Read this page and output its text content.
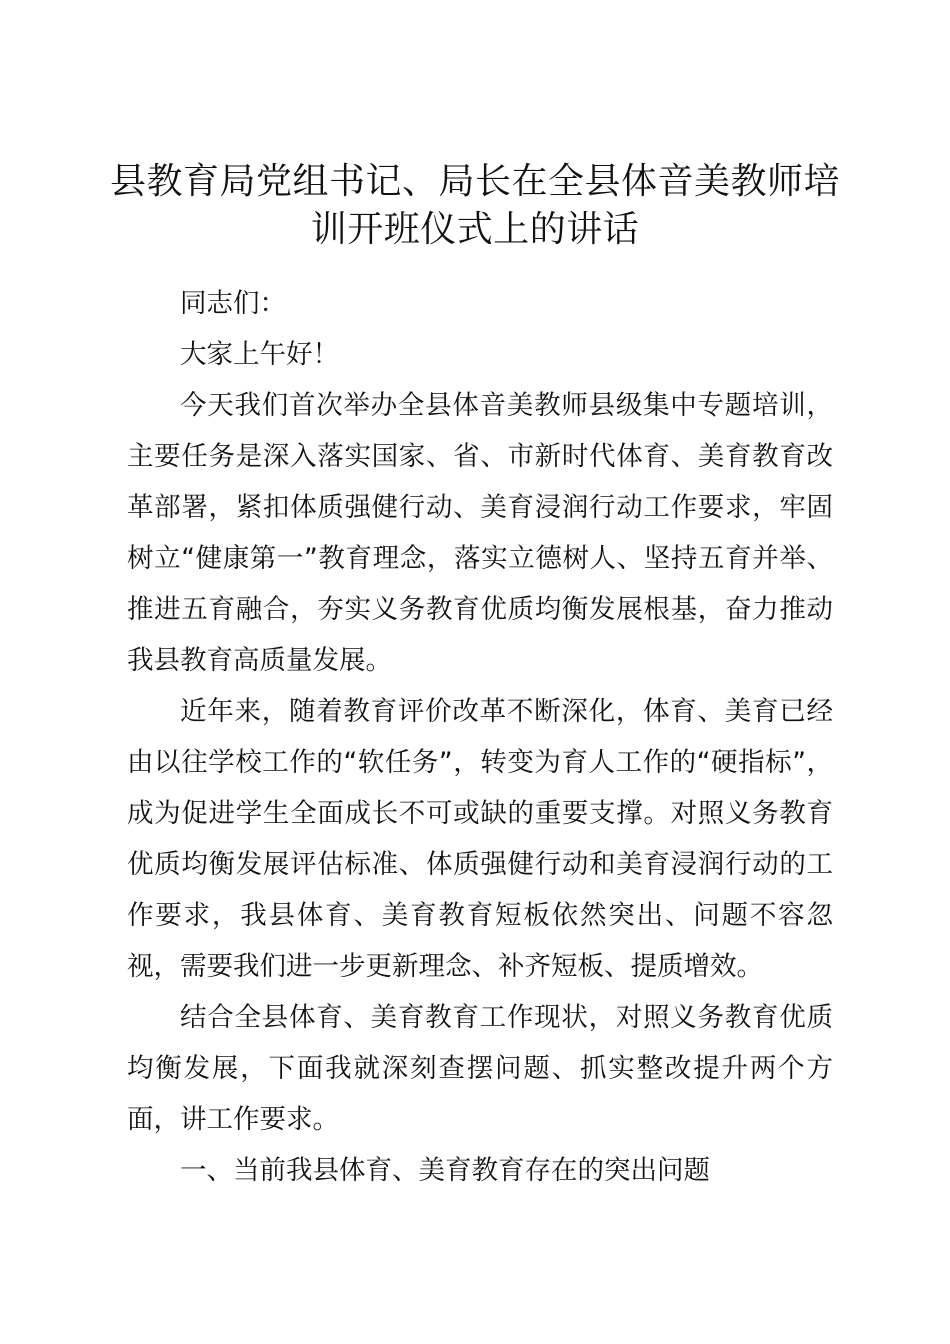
县教育局党组书记、局长在全县体音美教师培训开班仪式上的讲话

同志们：

大家上午好！

今天我们首次举办全县体音美教师县级集中专题培训，主要任务是深入落实国家、省、市新时代体育、美育教育改革部署，紧扣体质强健行动、美育浸润行动工作要求，牢固树立“健康第一”教育理念，落实立德树人、坚持五育并举、推进五育融合，夯实义务教育优质均衡发展根基，奋力推动我县教育高质量发展。

近年来，随着教育评价改革不断深化，体育、美育已经由以往学校工作的“软任务”，转变为育人工作的“硬指标”，成为促进学生全面成长不可或缺的重要支撑。对照义务教育优质均衡发展评估标准、体质强健行动和美育浸润行动的工作要求，我县体育、美育教育短板依然突出、问题不容忽视，需要我们进一步更新理念、补齐短板、提质增效。

结合全县体育、美育教育工作现状，对照义务教育优质均衡发展，下面我就深刻查摆问题、抓实整改提升两个方面，讲工作要求。

一、当前我县体育、美育教育存在的突出问题
